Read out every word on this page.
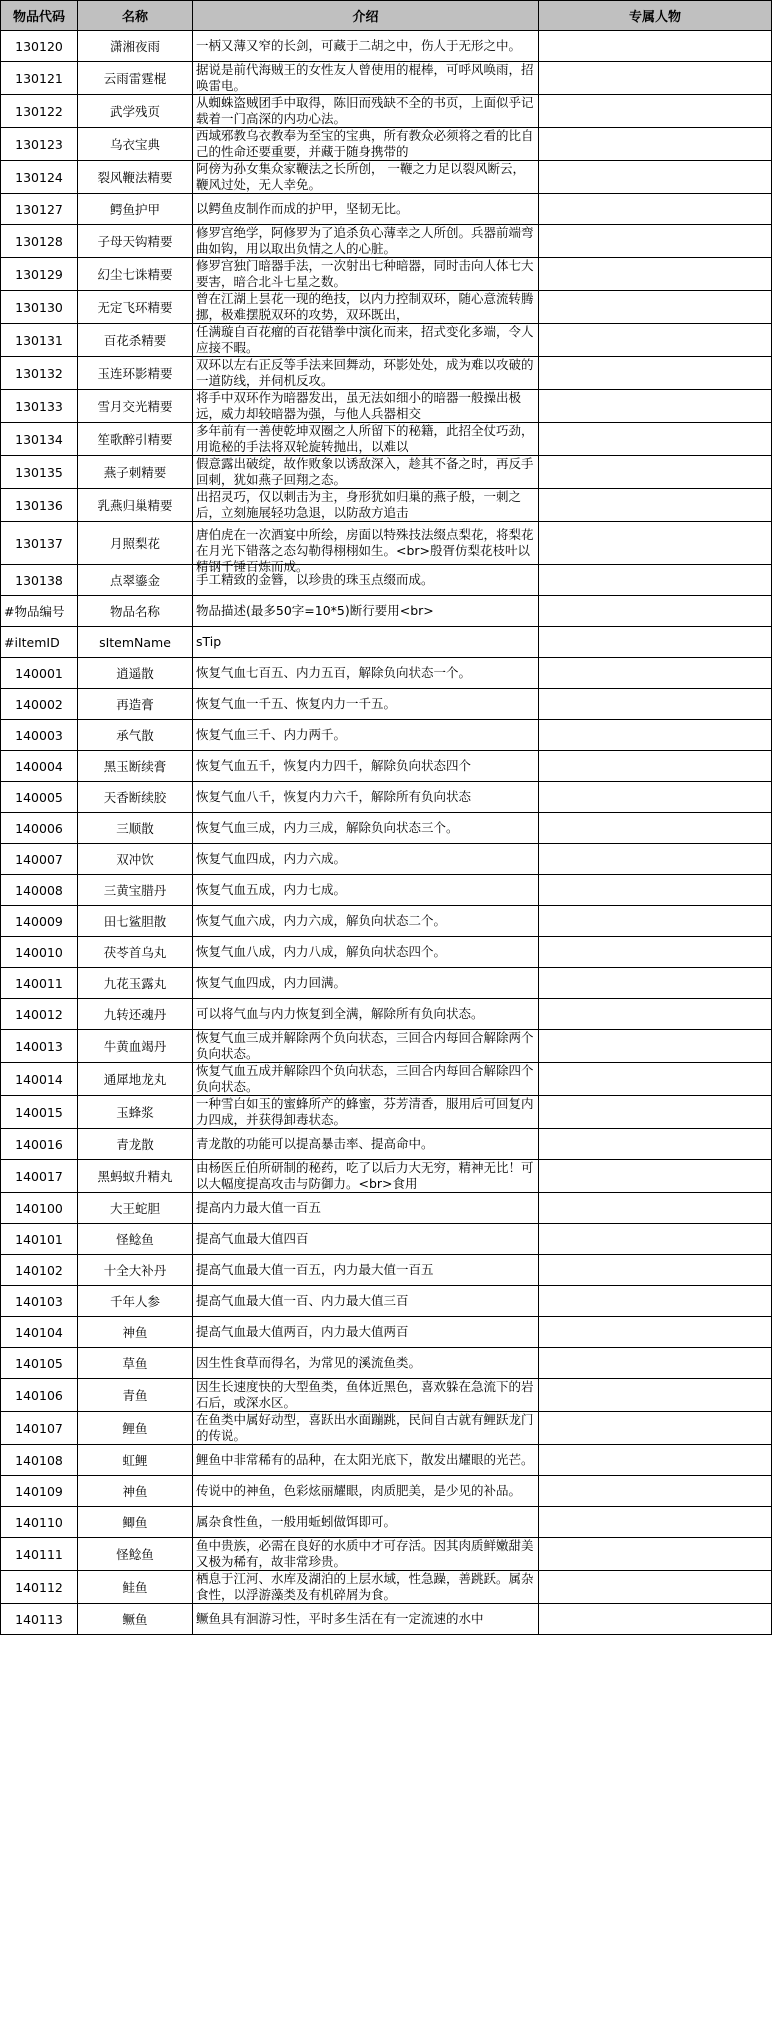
物品代码	名称	介绍	专属人物
130120	潇湘夜雨	一柄又薄又窄的长剑，可藏于二胡之中，伤人于无形之中。	

130121	云雨雷霆棍	据说是前代海贼王的女性友人曾使用的棍棒，可呼风唤雨，招唤雷电。	

130122	武学残页	从蜘蛛盗贼团手中取得，陈旧而残缺不全的书页，上面似乎记载着一门高深的内功心法。	

130123	乌衣宝典	西域邪教乌衣教奉为至宝的宝典，所有教众必须将之看的比自己的性命还要重要，并藏于随身携带的	

130124	裂风鞭法精要	阿傍为孙女集众家鞭法之长所创， 一鞭之力足以裂风断云，鞭风过处，无人幸免。	

130127	鳄鱼护甲	以鳄鱼皮制作而成的护甲，坚韧无比。	

130128	子母天钩精要	修罗宫绝学，阿修罗为了追杀负心薄幸之人所创。兵器前端弯曲如钩，用以取出负情之人的心脏。	

130129	幻尘七诛精要	修罗宫独门暗器手法，一次射出七种暗器，同时击向人体七大要害，暗合北斗七星之数。	

130130	无定飞环精要	曾在江湖上昙花一现的绝技，以内力控制双环，随心意流转腾挪，极难摆脱双环的攻势，双环既出，	

130131	百花杀精要	任满璇自百花瘤的百花错拳中演化而来，招式变化多端，令人应接不暇。	

130132	玉连环影精要	双环以左右正反等手法来回舞动，环影处处，成为难以攻破的一道防线，并伺机反攻。	

130133	雪月交光精要	将手中双环作为暗器发出，虽无法如细小的暗器一般操出极远，威力却较暗器为强，与他人兵器相交	

130134	笙歌醉引精要	多年前有一善使乾坤双圈之人所留下的秘籍，此招全仗巧劲，用诡秘的手法将双轮旋转抛出，以难以	

130135	燕子刺精要	假意露出破绽，故作败象以诱敌深入，趁其不备之时，再反手回刺，犹如燕子回翔之态。	

130136	乳燕归巢精要	出招灵巧，仅以刺击为主，身形犹如归巢的燕子般，一刺之后，立刻施展轻功急退，以防敌方追击	

130137	月照梨花	唐伯虎在一次酒宴中所绘，房面以特殊技法缀点梨花，将梨花在月光下错落之态勾勒得栩栩如生。<br>殷胥仿梨花枝叶以精钢千锤百炼而成。	

130138	点翠鎏金	手工精致的金簪，以珍贵的珠玉点缀而成。	

#物品编号	物品名称	物品描述(最多50字=10*5)断行要用<br>	

#iItemID	sItemName	sTip	

140001	逍遥散	恢复气血七百五、内力五百，解除负向状态一个。	

140002	再造膏	恢复气血一千五、恢复内力一千五。	

140003	承气散	恢复气血三千、内力两千。	

140004	黑玉断续膏	恢复气血五千，恢复内力四千，解除负向状态四个	

140005	天香断续胶	恢复气血八千，恢复内力六千，解除所有负向状态	

140006	三顺散	恢复气血三成，内力三成，解除负向状态三个。	

140007	双冲饮	恢复气血四成，内力六成。	

140008	三黄宝腊丹	恢复气血五成，内力七成。	

140009	田七鲨胆散	恢复气血六成，内力六成，解负向状态二个。	

140010	茯苓首乌丸	恢复气血八成，内力八成，解负向状态四个。	

140011	九花玉露丸	恢复气血四成，内力回满。	

140012	九转还魂丹	可以将气血与内力恢复到全满，解除所有负向状态。	

140013	牛黄血竭丹	恢复气血三成并解除两个负向状态，三回合内每回合解除两个负向状态。	

140014	通犀地龙丸	恢复气血五成并解除四个负向状态，三回合内每回合解除四个负向状态。	

140015	玉蜂浆	一种雪白如玉的蜜蜂所产的蜂蜜，芬芳清香，服用后可回复内力四成，并获得卸毒状态。	

140016	青龙散	青龙散的功能可以提高暴击率、提高命中。	

140017	黑蚂蚁升精丸	由杨医丘伯所研制的秘药，吃了以后力大无穷，精神无比！可以大幅度提高攻击与防御力。<br>食用	

140100	大王蛇胆	提高内力最大值一百五	

140101	怪鲶鱼	提高气血最大值四百	

140102	十全大补丹	提高气血最大值一百五，内力最大值一百五	

140103	千年人参	提高气血最大值一百、内力最大值三百	

140104	神鱼	提高气血最大值两百，内力最大值两百	

140105	草鱼	因生性食草而得名，为常见的溪流鱼类。	

140106	青鱼	因生长速度快的大型鱼类，鱼体近黑色，喜欢躲在急流下的岩石后，或深水区。	

140107	鲤鱼	在鱼类中属好动型，喜跃出水面蹦跳，民间自古就有鲤跃龙门的传说。	

140108	虹鲤	鲤鱼中非常稀有的品种，在太阳光底下，散发出耀眼的光芒。	

140109	神鱼	传说中的神鱼，色彩炫丽耀眼，肉质肥美，是少见的补品。	

140110	鲫鱼	属杂食性鱼，一般用蚯蚓做饵即可。	

140111	怪鲶鱼	鱼中贵族，必需在良好的水质中才可存活。因其肉质鲜嫩甜美又极为稀有，故非常珍贵。	

140112	鲑鱼	栖息于江河、水库及湖泊的上层水域，性急躁，善跳跃。属杂食性，以浮游藻类及有机碎屑为食。	

140113	鳜鱼	鳜鱼具有洄游习性，平时多生活在有一定流速的水中	
